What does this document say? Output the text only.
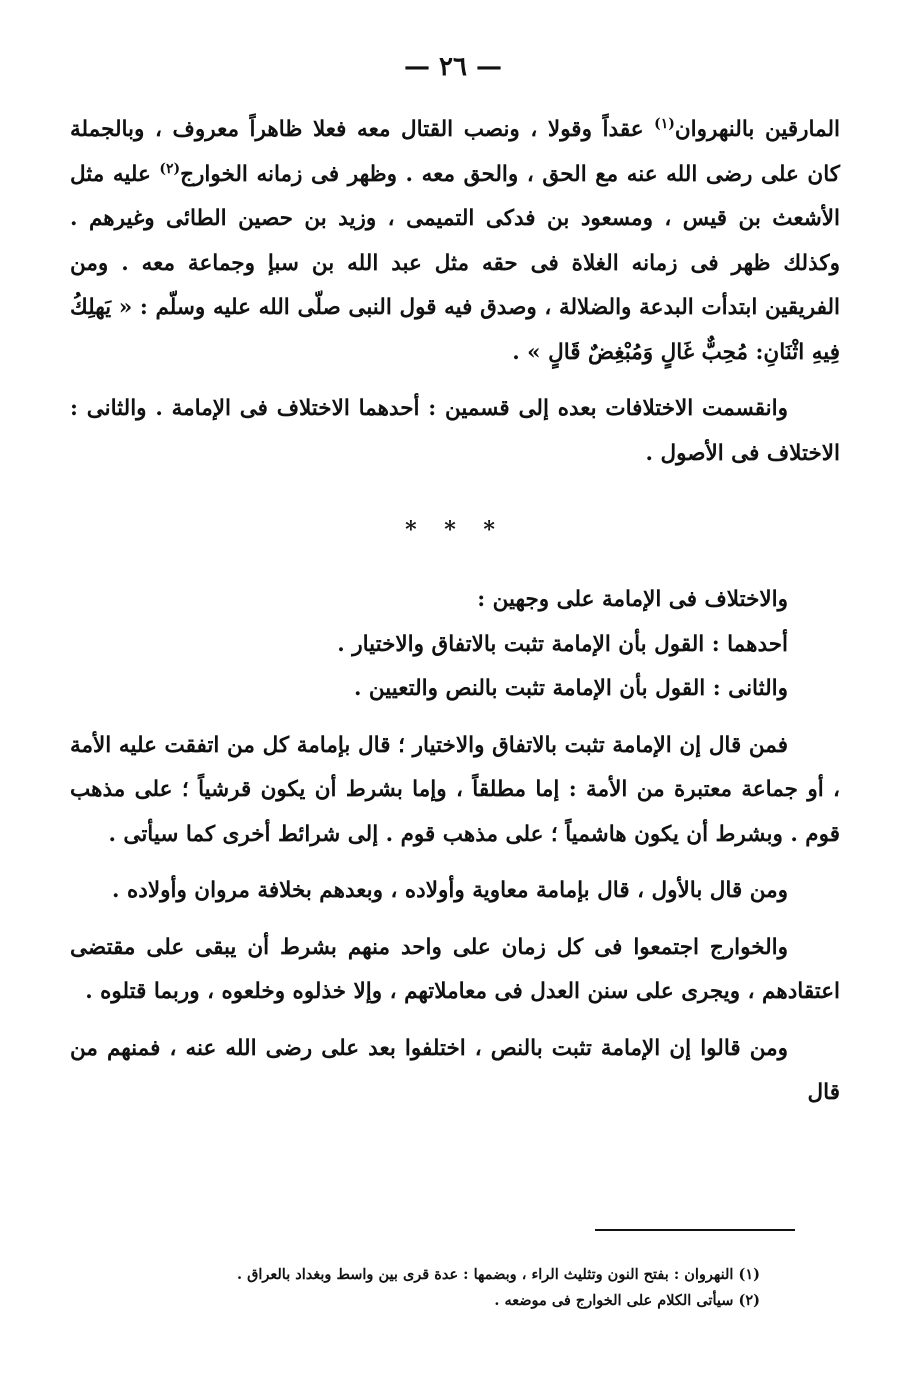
— ٢٦ —

المارقين بالنهروان$^{(١)}$ عقداً وقولا ، ونصب القتال معه فعلا ظاهراً معروف ، وبالجملة كان على رضى الله عنه مع الحق ، والحق معه . وظهر فى زمانه الخوارج$^{(٢)}$ عليه مثل الأشعث بن قيس ، ومسعود بن فدكى التميمى ، وزيد بن حصين الطائى وغيرهم . وكذلك ظهر فى زمانه الغلاة فى حقه مثل عبد الله بن سبإ وجماعة معه . ومن الفريقين ابتدأت البدعة والضلالة ، وصدق فيه قول النبى صلّى الله عليه وسلّم : « يَهلِكُ فِيهِ اثْنَانِ: مُحِبٌّ غَالٍ وَمُبْغِضٌ قَالٍ » .

وانقسمت الاختلافات بعده إلى قسمين : أحدهما الاختلاف فى الإمامة . والثانى : الاختلاف فى الأصول .

* * *

والاختلاف فى الإمامة على وجهين :

أحدهما : القول بأن الإمامة تثبت بالاتفاق والاختيار .

والثانى : القول بأن الإمامة تثبت بالنص والتعيين .

فمن قال إن الإمامة تثبت بالاتفاق والاختيار ؛ قال بإمامة كل من اتفقت عليه الأمة ، أو جماعة معتبرة من الأمة : إما مطلقاً ، وإما بشرط أن يكون قرشياً ؛ على مذهب قوم . وبشرط أن يكون هاشمياً ؛ على مذهب قوم . إلى شرائط أخرى كما سيأتى .

ومن قال بالأول ، قال بإمامة معاوية وأولاده ، وبعدهم بخلافة مروان وأولاده .

والخوارج اجتمعوا فى كل زمان على واحد منهم بشرط أن يبقى على مقتضى اعتقادهم ، ويجرى على سنن العدل فى معاملاتهم ، وإلا خذلوه وخلعوه ، وربما قتلوه .

ومن قالوا إن الإمامة تثبت بالنص ، اختلفوا بعد على رضى الله عنه ، فمنهم من قال

(١) النهروان : بفتح النون وتثليث الراء ، وبضمها : عدة قرى بين واسط وبغداد بالعراق .

(٢) سيأتى الكلام على الخوارج فى موضعه .
